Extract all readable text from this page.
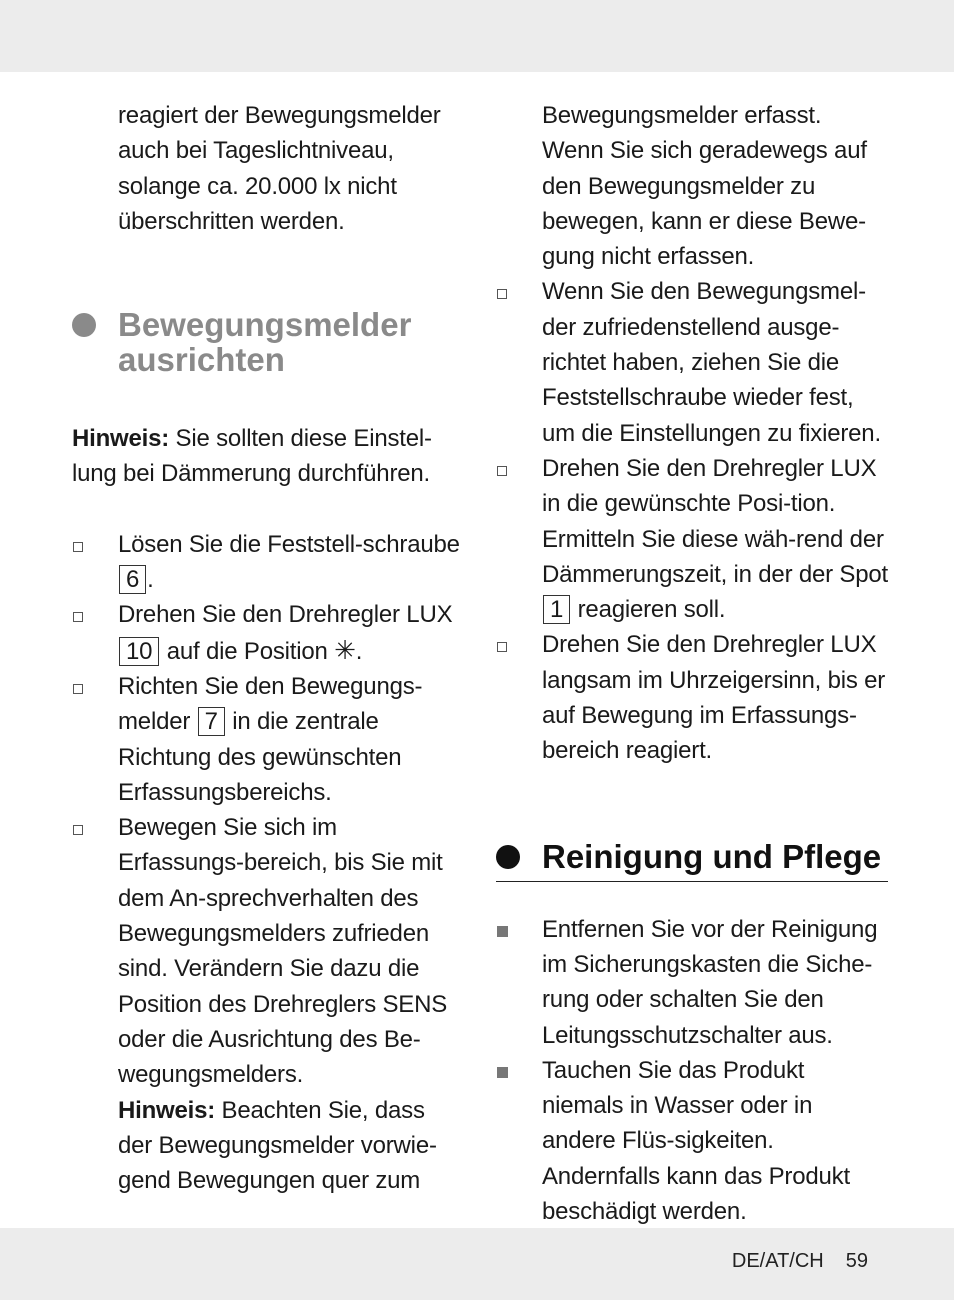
reagiert der Bewegungsmelder auch bei Tageslichtniveau, solange ca. 20.000 lx nicht überschritten werden.

Bewegungsmelder

ausrichten

Hinweis: Sie sollten diese Einstel-lung bei Dämmerung durchführen.

Lösen Sie die Feststell-schraube 6 .
Drehen Sie den Drehregler LUX 10 auf die Position ✳.
Richten Sie den Bewegungs-melder 7 in die zentrale Richtung des gewünschten Erfassungsbereichs.
Bewegen Sie sich im Erfassungs-bereich, bis Sie mit dem An-sprechverhalten des Bewegungsmelders zufrieden sind. Verändern Sie dazu die Position des Drehreglers SENS oder die Ausrichtung des Be-wegungsmelders.
Hinweis: Beachten Sie, dass der Bewegungsmelder vorwie-gend Bewegungen quer zum

Bewegungsmelder erfasst. Wenn Sie sich geradewegs auf den Bewegungsmelder zu bewegen, kann er diese Bewe-gung nicht erfassen.

Wenn Sie den Bewegungsmel-der zufriedenstellend ausge-richtet haben, ziehen Sie die Feststellschraube wieder fest, um die Einstellungen zu fixieren.
Drehen Sie den Drehregler LUX in die gewünschte Posi-tion. Ermitteln Sie diese wäh-rend der Dämmerungszeit, in der der Spot 1 reagieren soll.
Drehen Sie den Drehregler LUX langsam im Uhrzeigersinn, bis er auf Bewegung im Erfassungs-bereich reagiert.

Reinigung und Pflege

Entfernen Sie vor der Reinigung im Sicherungskasten die Siche-rung oder schalten Sie den Leitungsschutzschalter aus.
Tauchen Sie das Produkt niemals in Wasser oder in andere Flüs-sigkeiten. Andernfalls kann das Produkt beschädigt werden.
DE/AT/CH 59
